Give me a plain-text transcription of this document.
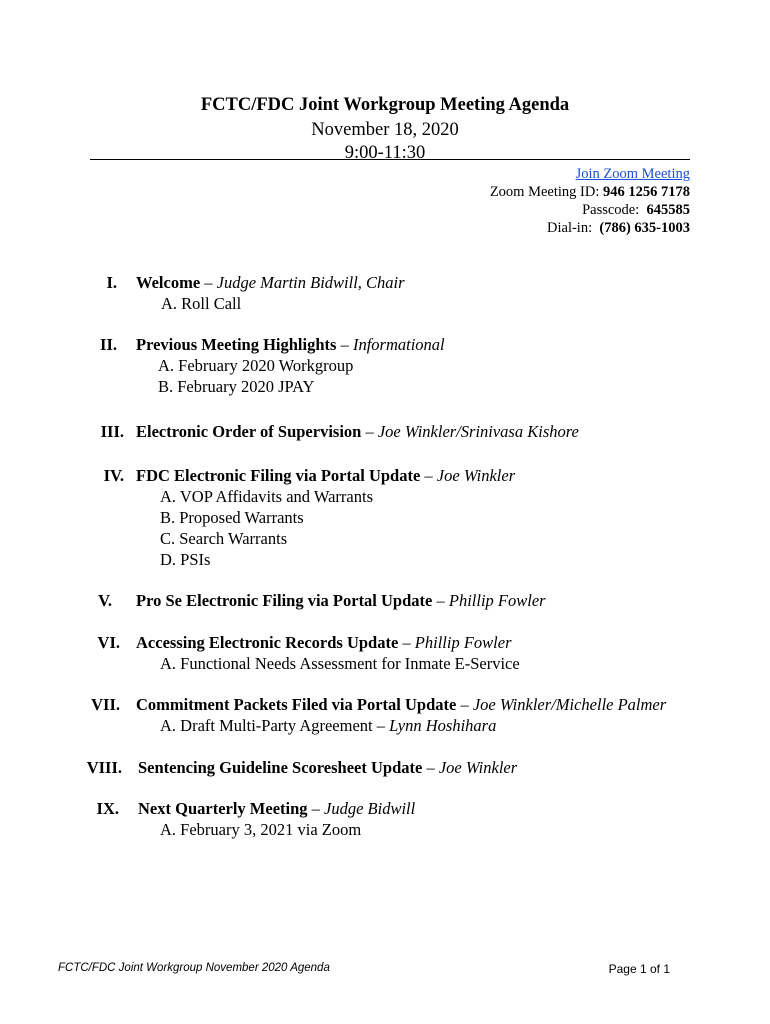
FCTC/FDC Joint Workgroup Meeting Agenda
November 18, 2020
9:00-11:30
Join Zoom Meeting
Zoom Meeting ID: 946 1256 7178
Passcode: 645585
Dial-in: (786) 635-1003
I. Welcome – Judge Martin Bidwill, Chair
A. Roll Call
II. Previous Meeting Highlights – Informational
A. February 2020 Workgroup
B. February 2020 JPAY
III. Electronic Order of Supervision – Joe Winkler/Srinivasa Kishore
IV. FDC Electronic Filing via Portal Update – Joe Winkler
A. VOP Affidavits and Warrants
B. Proposed Warrants
C. Search Warrants
D. PSIs
V. Pro Se Electronic Filing via Portal Update – Phillip Fowler
VI. Accessing Electronic Records Update – Phillip Fowler
A. Functional Needs Assessment for Inmate E-Service
VII. Commitment Packets Filed via Portal Update – Joe Winkler/Michelle Palmer
A. Draft Multi-Party Agreement – Lynn Hoshihara
VIII. Sentencing Guideline Scoresheet Update – Joe Winkler
IX. Next Quarterly Meeting – Judge Bidwill
A. February 3, 2021 via Zoom
FCTC/FDC Joint Workgroup November 2020 Agenda	Page 1 of 1
